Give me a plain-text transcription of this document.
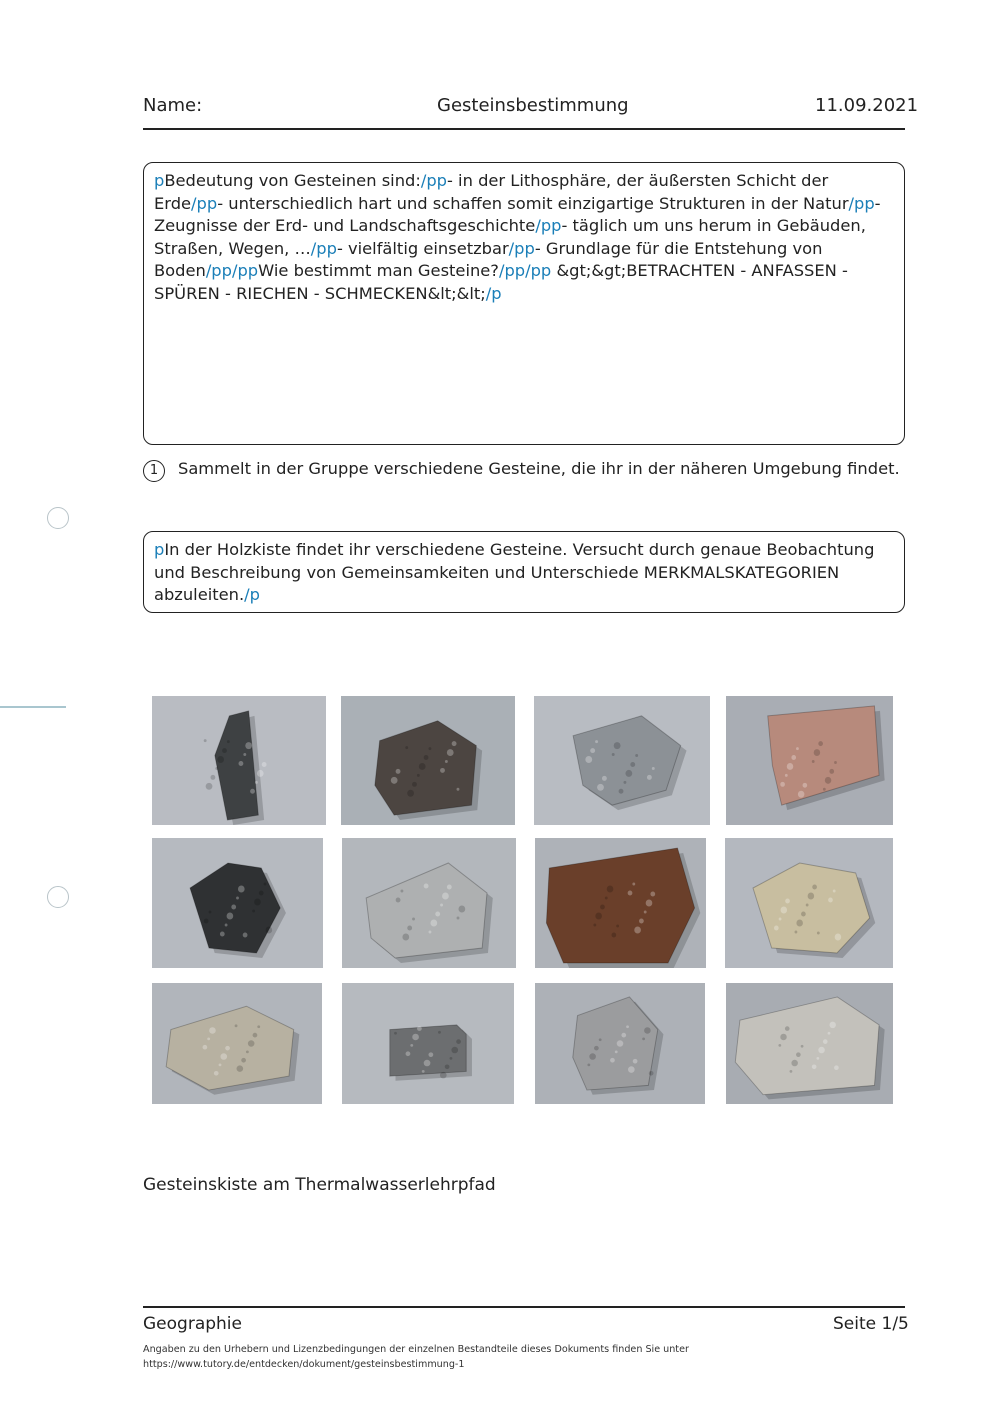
Name:	Gesteinsbestimmung	11.09.2021
pBedeutung von Gesteinen sind:/pp- in der Lithosphäre, der äußersten Schicht der Erde/pp- unterschiedlich hart und schaffen somit einzigartige Strukturen in der Natur/pp- Zeugnisse der Erd- und Landschaftsgeschichte/pp- täglich um uns herum in Gebäuden, Straßen, Wegen, …/pp- vielfältig einsetzbar/pp- Grundlage für die Entstehung von Boden/pp/ppWie bestimmt man Gesteine?/pp/pp &gt;&gt;BETRACHTEN - ANFASSEN - SPÜREN - RIECHEN - SCHMECKEN&lt;&lt;/p
1	Sammelt in der Gruppe verschiedene Gesteine, die ihr in der näheren Umgebung findet.
pIn der Holzkiste findet ihr verschiedene Gesteine. Versucht durch genaue Beobachtung und Beschreibung von Gemeinsamkeiten und Unterschiede MERKMALSKATEGORIEN abzuleiten./p
Gesteinskiste am Thermalwasserlehrpfad
Geographie	Seite 1/5
Angaben zu den Urhebern und Lizenzbedingungen der einzelnen Bestandteile dieses Dokuments finden Sie unter
https://www.tutory.de/entdecken/dokument/gesteinsbestimmung-1
